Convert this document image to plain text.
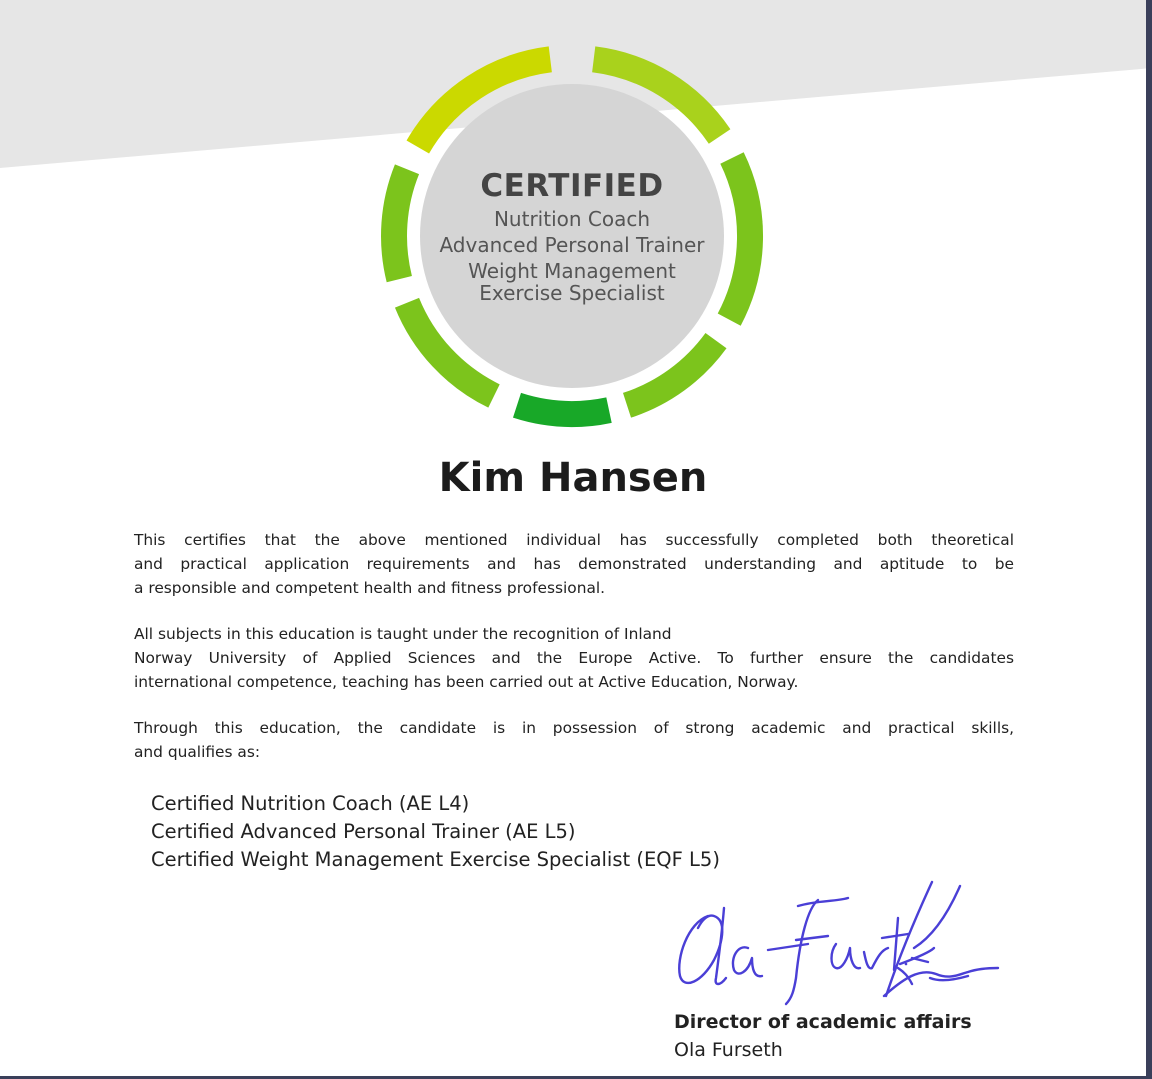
CERTIFIED
Nutrition Coach
Advanced Personal Trainer
Weight Management
Exercise Specialist
Kim Hansen

This certifies that the above mentioned individual has successfully completed both theoretical
and practical application requirements and has demonstrated understanding and aptitude to be
a responsible and competent health and fitness professional.

All subjects in this education is taught under the recognition of Inland
Norway University of Applied Sciences and the Europe Active. To further ensure the candidates
international competence, teaching has been carried out at Active Education, Norway.

Through this education, the candidate is in possession of strong academic and practical skills,
and qualifies as:

Certified Nutrition Coach (AE L4)
Certified Advanced Personal Trainer (AE L5)
Certified Weight Management Exercise Specialist (EQF L5)
Director of academic affairs
Ola Furseth
